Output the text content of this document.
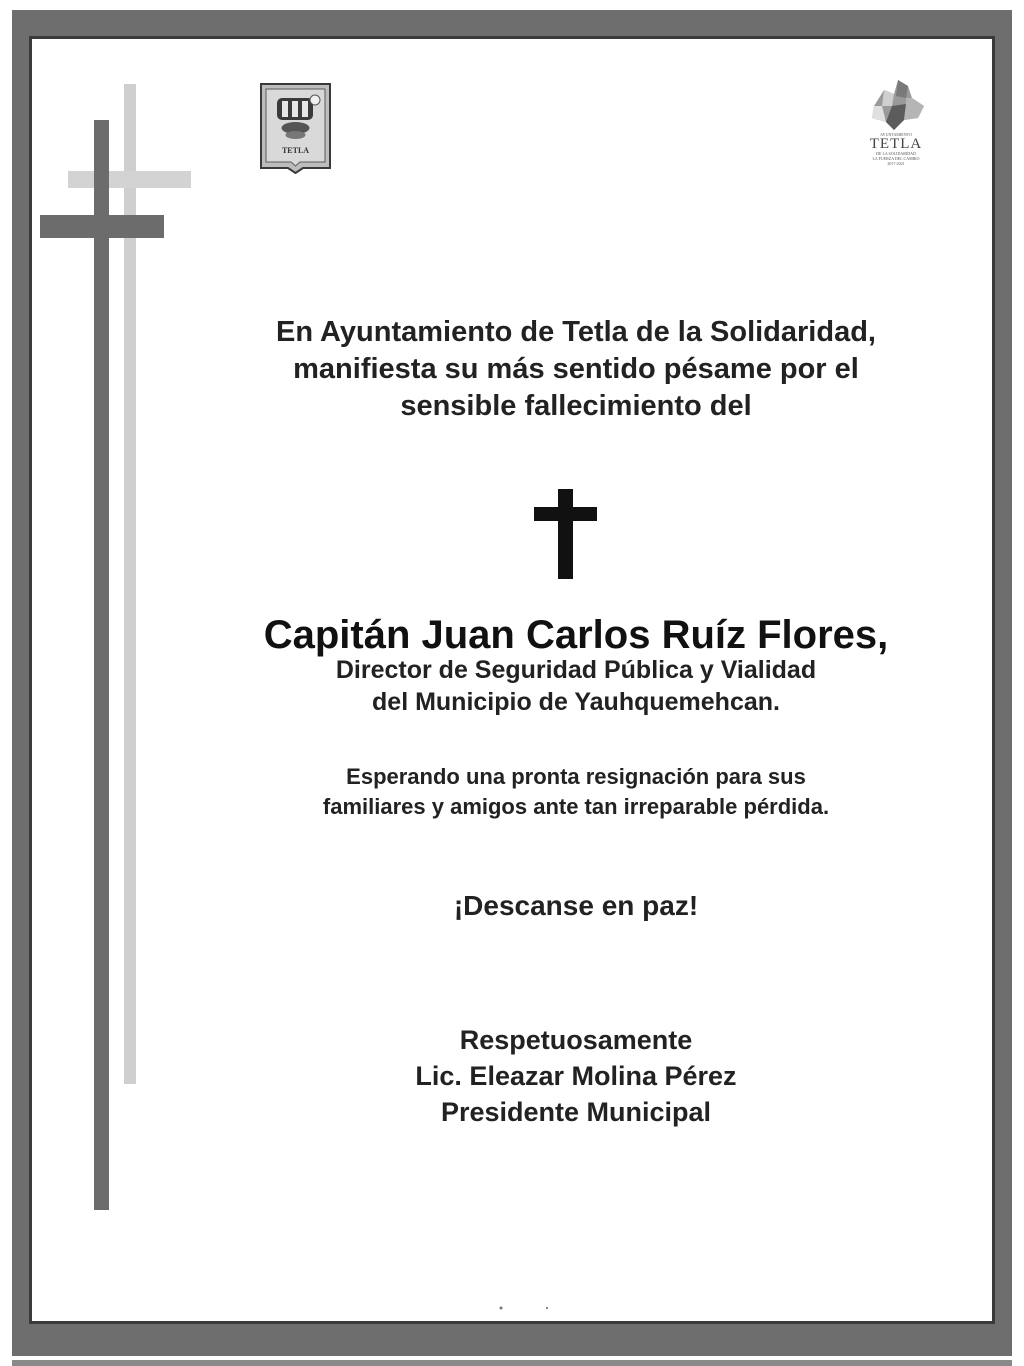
TETLA
AYUNTAMIENTO
TETLA
DE LA SOLIDARIDAD
LA FUERZA DEL CAMBIO
2017-2021

En Ayuntamiento de Tetla de la Solidaridad,
manifiesta su más sentido pésame por el
sensible fallecimiento del

Capitán Juan Carlos Ruíz Flores,

Director de Seguridad Pública y Vialidad
del Municipio de Yauhquemehcan.

Esperando una pronta resignación para sus
familiares y amigos ante tan irreparable pérdida.

¡Descanse en paz!

Respetuosamente
Lic. Eleazar Molina Pérez
Presidente Municipal
